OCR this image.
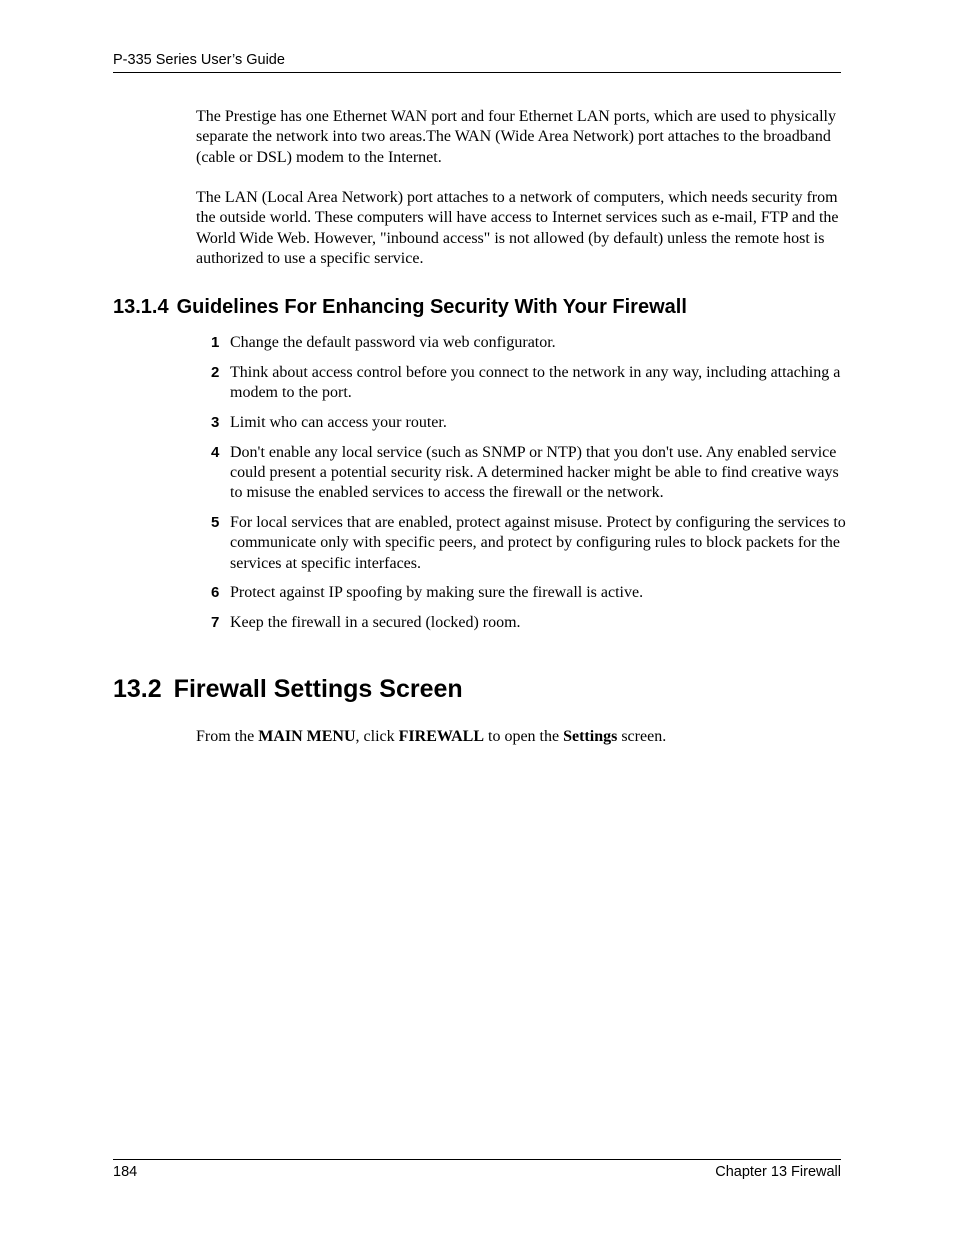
P-335 Series User’s Guide

The Prestige has one Ethernet WAN port and four Ethernet LAN ports, which are used to physically separate the network into two areas.The WAN (Wide Area Network) port attaches to the broadband (cable or DSL) modem to the Internet.

The LAN (Local Area Network) port attaches to a network of computers, which needs security from the outside world. These computers will have access to Internet services such as e-mail, FTP and the World Wide Web. However, "inbound access" is not allowed (by default) unless the remote host is authorized to use a specific service.

13.1.4 Guidelines For Enhancing Security With Your Firewall
1 Change the default password via web configurator.
2 Think about access control before you connect to the network in any way, including attaching a modem to the port.
3 Limit who can access your router.
4 Don't enable any local service (such as SNMP or NTP) that you don't use. Any enabled service could present a potential security risk. A determined hacker might be able to find creative ways to misuse the enabled services to access the firewall or the network.
5 For local services that are enabled, protect against misuse. Protect by configuring the services to communicate only with specific peers, and protect by configuring rules to block packets for the services at specific interfaces.
6 Protect against IP spoofing by making sure the firewall is active.
7 Keep the firewall in a secured (locked) room.
13.2 Firewall Settings Screen

From the MAIN MENU, click FIREWALL to open the Settings screen.

184	Chapter 13 Firewall
